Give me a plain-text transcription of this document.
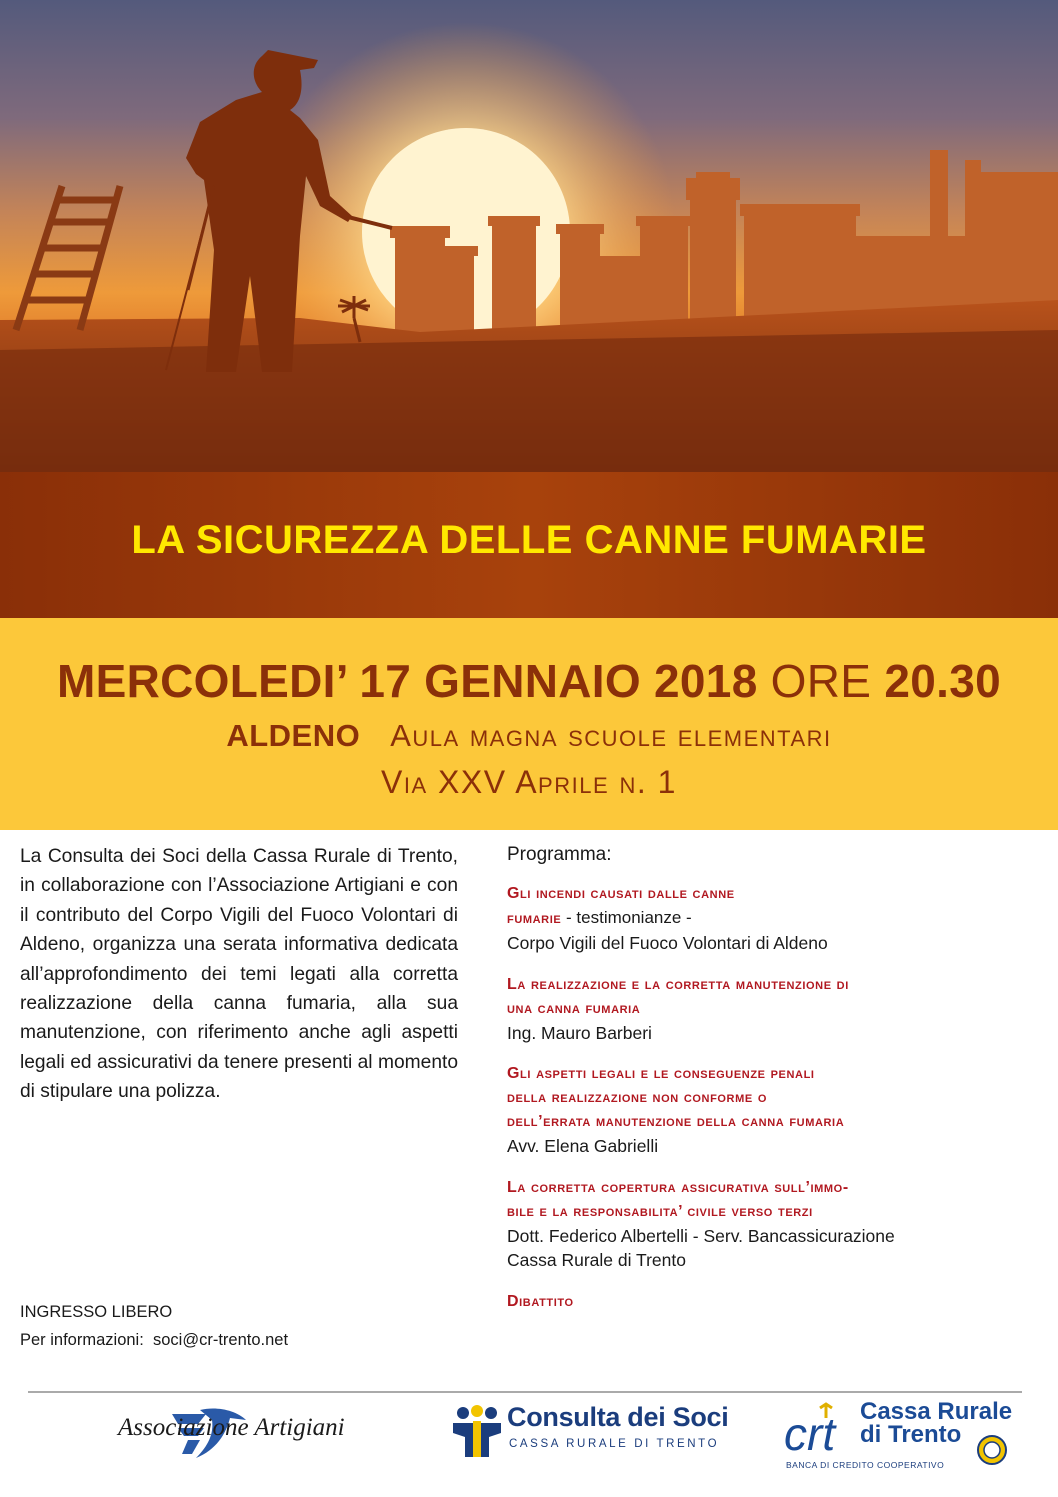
LA SICUREZZA DELLE CANNE FUMARIE
MERCOLEDI’ 17 GENNAIO 2018 ORE 20.30
ALDENO Aula magna scuole elementari
Via XXV Aprile n. 1
La Consulta dei Soci della Cassa Rurale di Trento, in collaborazione con l’Associazione Artigiani e con il contributo del Corpo Vigili del Fuoco Volontari di Aldeno, organizza una serata informativa dedicata all’approfondimento dei temi legati alla corretta realizzazione della canna fumaria, alla sua manutenzione, con riferimento anche agli aspetti legali ed assicurativi da tenere presenti al momento di stipulare una polizza.
INGRESSO LIBERO
Per informazioni: soci@cr-trento.net
Programma:
Gli incendi causati dalle canne
fumarie - testimonianze -
Corpo Vigili del Fuoco Volontari di Aldeno
La realizzazione e la corretta manutenzione di
una canna fumaria
Ing. Mauro Barberi
Gli aspetti legali e le conseguenze penali
della realizzazione non conforme o
dell’errata manutenzione della canna fumaria
Avv. Elena Gabrielli
La corretta copertura assicurativa sull’immo-
bile e la responsabilita’ civile verso terzi
Dott. Federico Albertelli - Serv. Bancassicurazione
Cassa Rurale di Trento
Dibattito
Associazione Artigiani	Consulta dei Soci
CASSA RURALE DI TRENTO crt Cassa Rurale
di Trento
BANCA DI CREDITO COOPERATIVO
